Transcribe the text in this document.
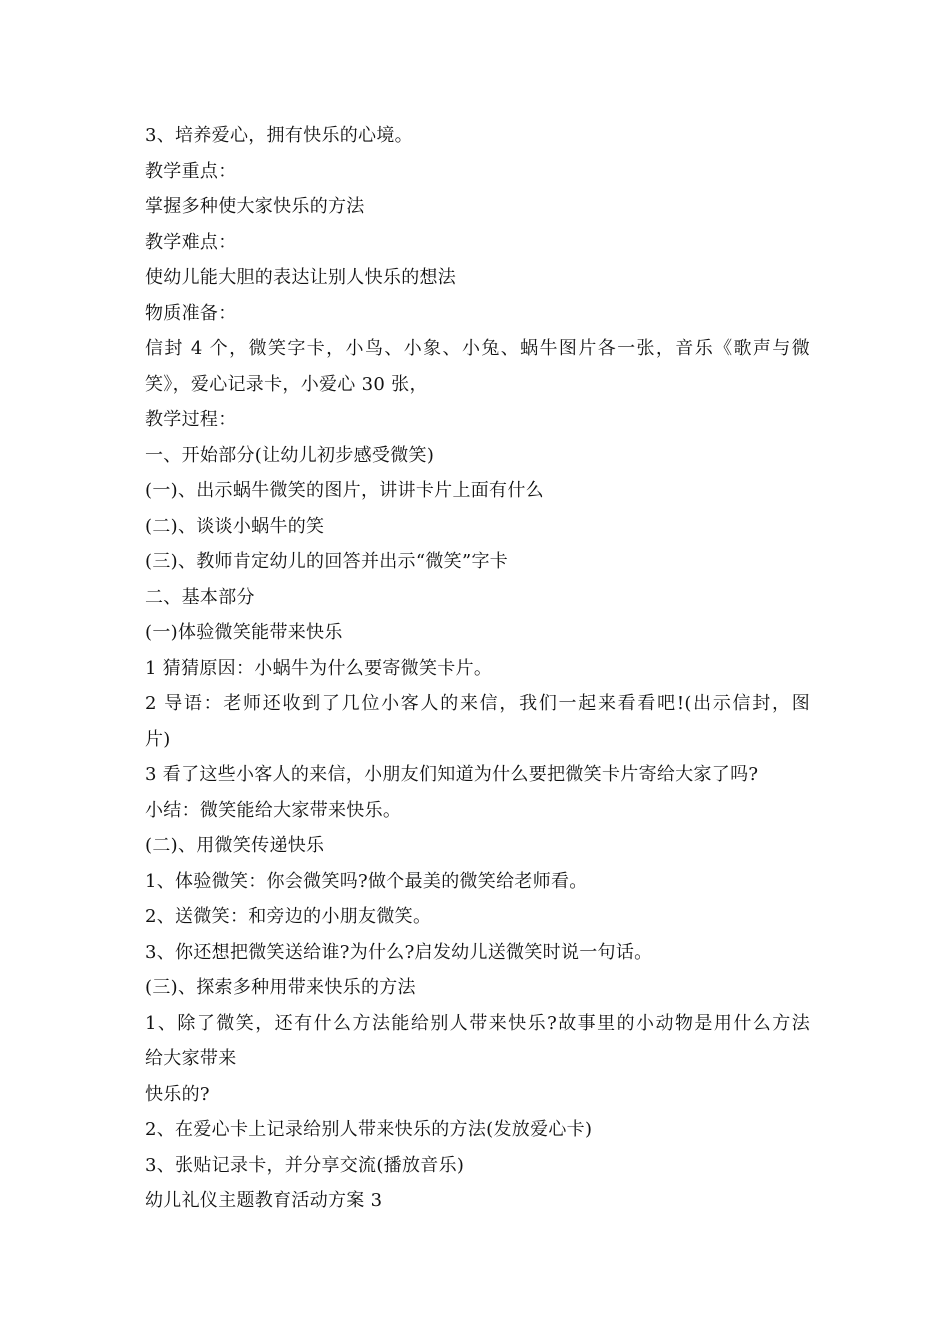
3、培养爱心，拥有快乐的心境。
教学重点：
掌握多种使大家快乐的方法
教学难点：
使幼儿能大胆的表达让别人快乐的想法
物质准备：
信封 4 个，微笑字卡，小鸟、小象、小兔、蜗牛图片各一张，音乐《歌声与微
笑》，爱心记录卡，小爱心 30 张，
教学过程：
一、开始部分(让幼儿初步感受微笑)
(一)、出示蜗牛微笑的图片，讲讲卡片上面有什么
(二)、谈谈小蜗牛的笑
(三)、教师肯定幼儿的回答并出示“微笑”字卡
二、基本部分
(一)体验微笑能带来快乐
1 猜猜原因：小蜗牛为什么要寄微笑卡片。
2 导语：老师还收到了几位小客人的来信，我们一起来看看吧!(出示信封，图
片)
3 看了这些小客人的来信，小朋友们知道为什么要把微笑卡片寄给大家了吗?
小结：微笑能给大家带来快乐。
(二)、用微笑传递快乐
1、体验微笑：你会微笑吗?做个最美的微笑给老师看。
2、送微笑：和旁边的小朋友微笑。
3、你还想把微笑送给谁?为什么?启发幼儿送微笑时说一句话。
(三)、探索多种用带来快乐的方法
1、除了微笑，还有什么方法能给别人带来快乐?故事里的小动物是用什么方法
给大家带来
快乐的?
2、在爱心卡上记录给别人带来快乐的方法(发放爱心卡)
3、张贴记录卡，并分享交流(播放音乐)
幼儿礼仪主题教育活动方案 3
